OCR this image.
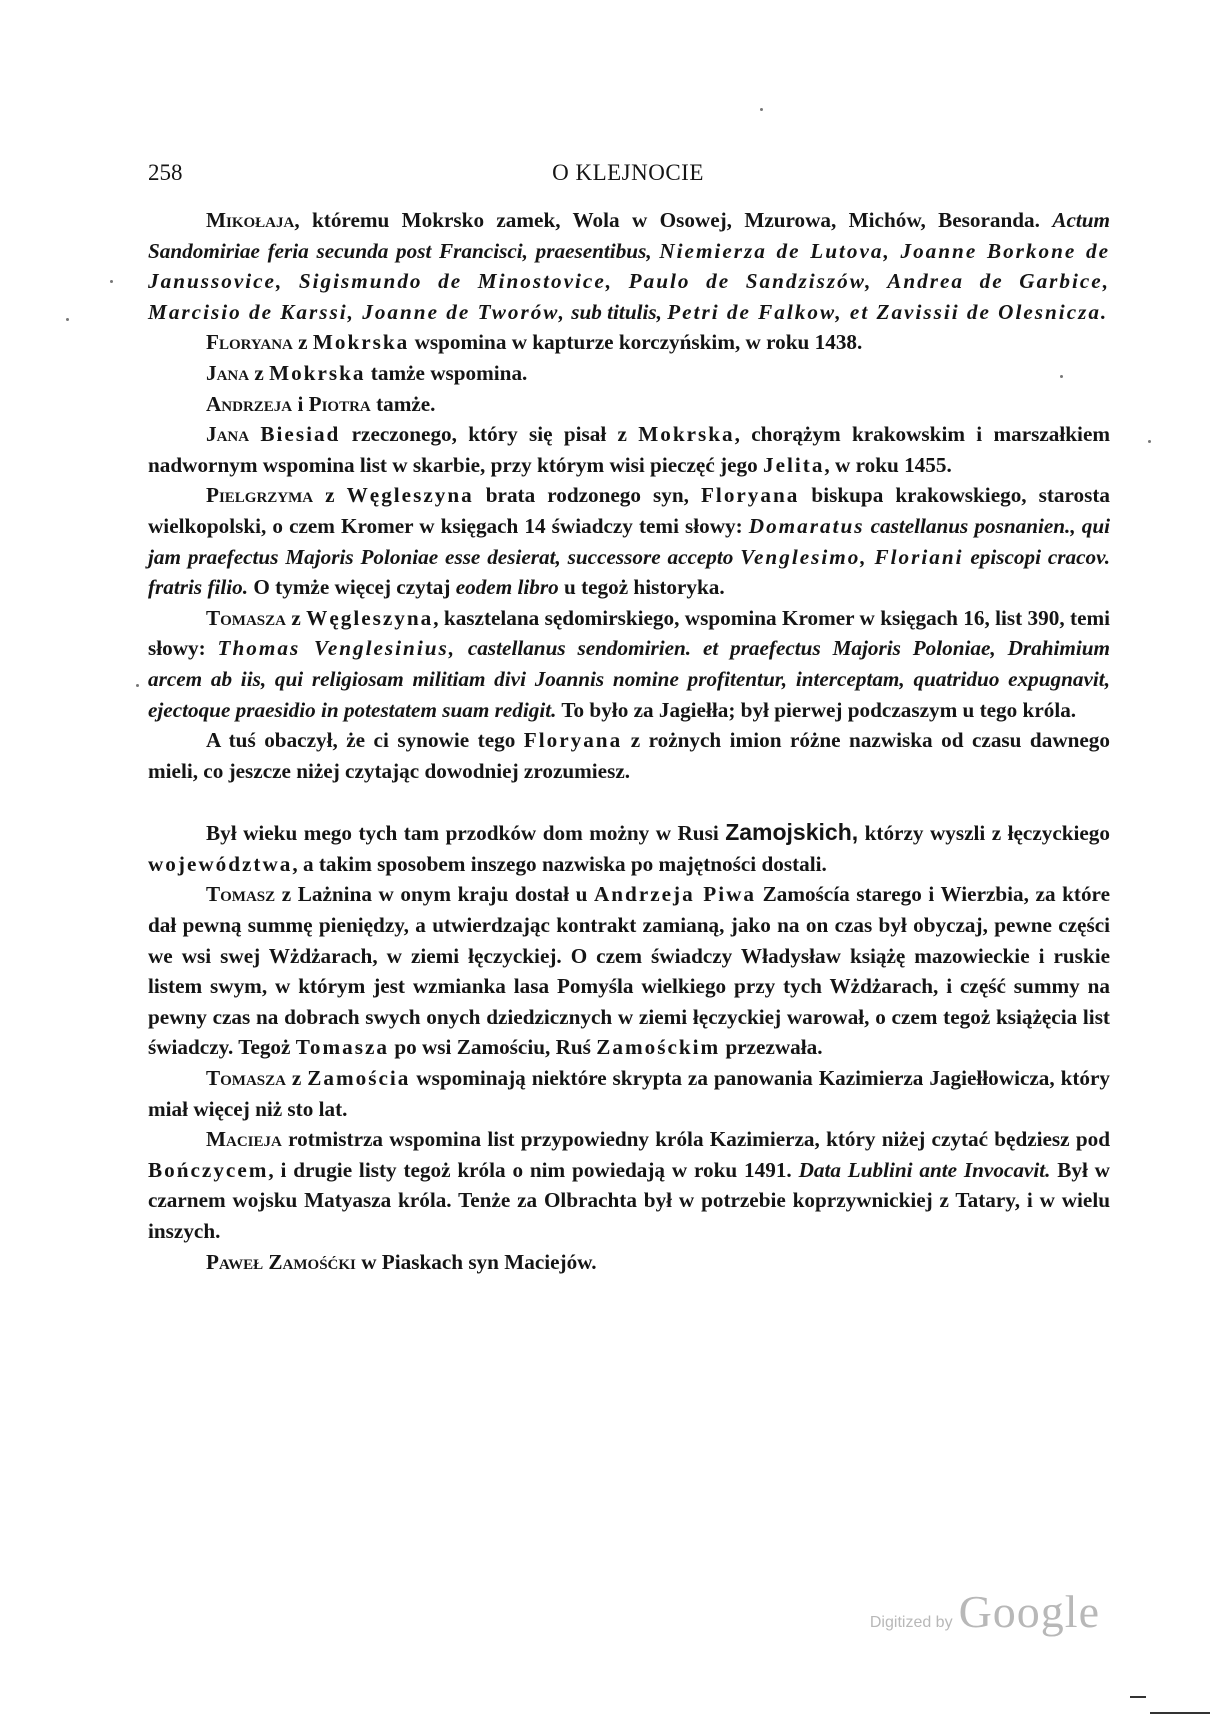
258	O KLEJNOCIE

Mikołaja, któremu Mokrsko zamek, Wola w Osowej, Mzurowa, Michów, Besoranda. Actum Sandomiriae feria secunda post Francisci, praesentibus, Niemierza de Lutova, Joanne Borkone de Janussovice, Sigismundo de Minostovice, Paulo de Sandziszów, Andrea de Garbice, Marcisio de Karssi, Joanne de Tworów, sub titulis, Petri de Falkow, et Zavissii de Olesnicza.

Floryana z Mokrska wspomina w kapturze korczyńskim, w roku 1438.

Jana z Mokrska tamże wspomina.

Andrzeja i Piotra tamże.

Jana Biesiad rzeczonego, który się pisał z Mokrska, chorążym krakowskim i marszałkiem nadwornym wspomina list w skarbie, przy którym wisi pieczęć jego Jelita, w roku 1455.

Pielgrzyma z Węgleszyna brata rodzonego syn, Floryana biskupa krakowskiego, starosta wielkopolski, o czem Kromer w księgach 14 świadczy temi słowy: Domaratus castellanus posnanien., qui jam praefectus Majoris Poloniae esse desierat, successore accepto Venglesimo, Floriani episcopi cracov. fratris filio. O tymże więcej czytaj eodem libro u tegoż historyka.

Tomasza z Węgleszyna, kasztelana sędomirskiego, wspomina Kromer w księgach 16, list 390, temi słowy: Thomas Venglesinius, castellanus sendomirien. et praefectus Majoris Poloniae, Drahimium arcem ab iis, qui religiosam militiam divi Joannis nomine profitentur, interceptam, quatriduo expugnavit, ejectoque praesidio in potestatem suam redigit. To było za Jagiełła; był pierwej podczaszym u tego króla.

A tuś obaczył, że ci synowie tego Floryana z rożnych imion różne nazwiska od czasu dawnego mieli, co jeszcze niżej czytając dowodniej zrozumiesz.

Był wieku mego tych tam przodków dom możny w Rusi Zamojskich, którzy wyszli z łęczyckiego województwa, a takim sposobem inszego nazwiska po majętności dostali.

Tomasz z Lażnina w onym kraju dostał u Andrzeja Piwa Zamoścía starego i Wierzbia, za które dał pewną summę pieniędzy, a utwierdzając kontrakt zamianą, jako na on czas był obyczaj, pewne części we wsi swej Wżdżarach, w ziemi łęczyckiej. O czem świadczy Władysław książę mazowieckie i ruskie listem swym, w którym jest wzmianka lasa Pomyśla wielkiego przy tych Wżdżarach, i część summy na pewny czas na dobrach swych onych dziedzicznych w ziemi łęczyckiej warował, o czem tegoż książęcia list świadczy. Tegoż Tomasza po wsi Zamościu, Ruś Zamośckim przezwała.

Tomasza z Zamościa wspominają niektóre skrypta za panowania Kazimierza Jagiełłowicza, który miał więcej niż sto lat.

Macieja rotmistrza wspomina list przypowiedny króla Kazimierza, który niżej czytać będziesz pod Bończycem, i drugie listy tegoż króla o nim powiedają w roku 1491. Data Lublini ante Invocavit. Był w czarnem wojsku Matyasza króla. Tenże za Olbrachta był w potrzebie koprzywnickiej z Tatary, i w wielu inszych.

Paweł Zamośćki w Piaskach syn Maciejów.

Digitized by Google
